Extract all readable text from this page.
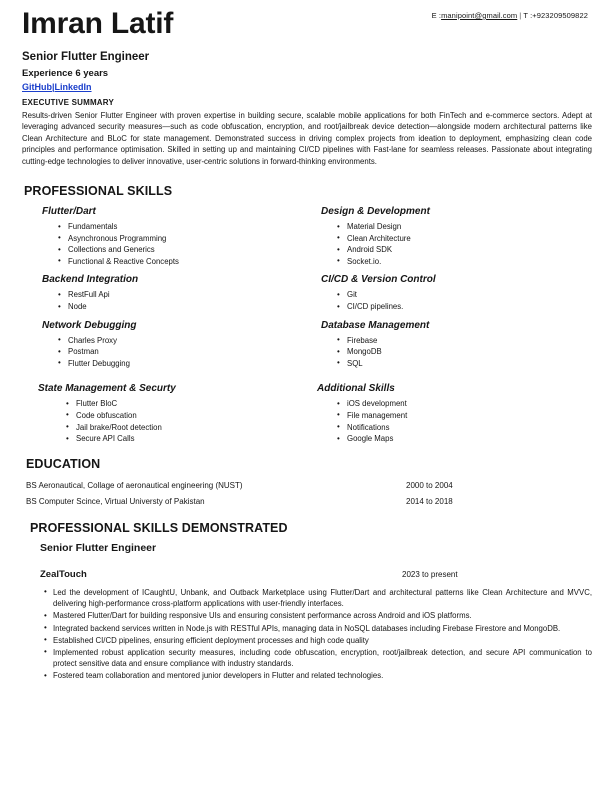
Imran Latif	E :manipoint@gmail.com | T :+923209509822
Senior Flutter Engineer
Experience 6 years
GitHub|LinkedIn
EXECUTIVE SUMMARY

Results-driven Senior Flutter Engineer with proven expertise in building secure, scalable mobile applications for both FinTech and e-commerce sectors. Adept at leveraging advanced security measures—such as code obfuscation, encryption, and root/jailbreak device detection—alongside modern architectural patterns like Clean Architecture and BLoC for state management. Demonstrated success in driving complex projects from ideation to deployment, emphasizing clean code principles and performance optimisation. Skilled in setting up and maintaining CI/CD pipelines with Fast-lane for seamless releases. Passionate about integrating cutting-edge technologies to deliver innovative, user-centric solutions in forward-thinking environments.

PROFESSIONAL SKILLS
Flutter/Dart
• Fundamentals
• Asynchronous Programming
• Collections and Generics
• Functional & Reactive Concepts
Backend Integration
• RestFull Api
• Node
Network Debugging
• Charles Proxy
• Postman
• Flutter Debugging
State Management & Securty
• Flutter BloC
• Code obfuscation
• Jail brake/Root detection
• Secure API Calls
Design & Development
• Material Design
• Clean Architecture
• Android SDK
• Socket.io.
CI/CD & Version Control
• Git
• CI/CD pipelines.
Database Management
• Firebase
• MongoDB
• SQL
Additional Skills
• iOS development
• File management
• Notifications
• Google Maps
EDUCATION
BS Aeronautical, Collage of aeronautical engineering (NUST)	2000 to 2004
BS Computer Scince, Virtual Universty of Pakistan	2014 to 2018
PROFESSIONAL SKILLS DEMONSTRATED
Senior Flutter Engineer
ZealTouch	2023 to present
• Led the development of ICaughtU, Unbank, and Outback Marketplace using Flutter/Dart and architectural patterns like Clean Architecture and MVVC, delivering high-performance cross-platform applications with user-friendly interfaces.
• Mastered Flutter/Dart for building responsive UIs and ensuring consistent performance across Android and iOS platforms.
• Integrated backend services written in Node.js with RESTful APIs, managing data in NoSQL databases including Firebase Firestore and MongoDB.
• Established CI/CD pipelines, ensuring efficient deployment processes and high code quality
• Implemented robust application security measures, including code obfuscation, encryption, root/jailbreak detection, and secure API communication to protect sensitive data and ensure compliance with industry standards.
• Fostered team collaboration and mentored junior developers in Flutter and related technologies.
